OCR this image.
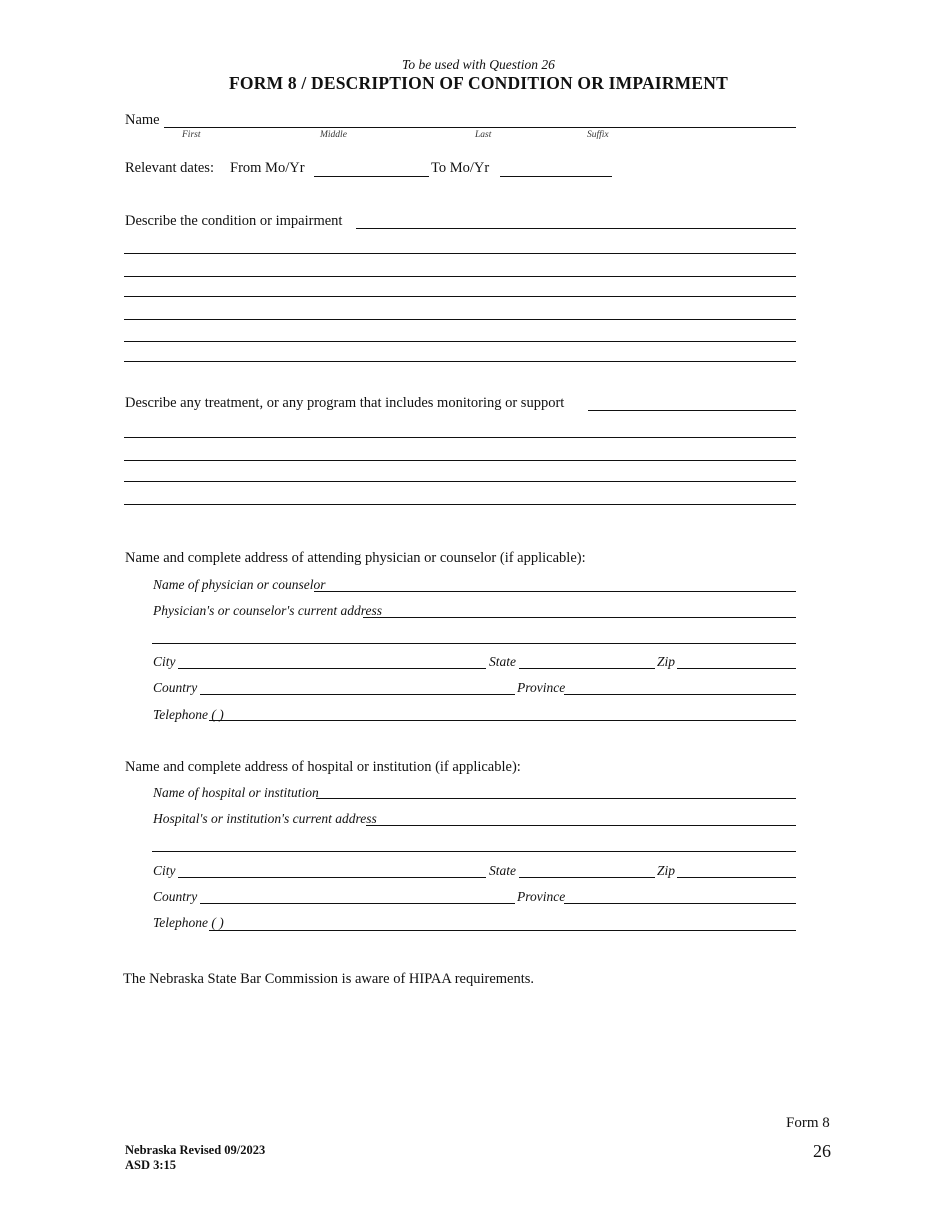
To be used with Question 26
FORM 8 / DESCRIPTION OF CONDITION OR IMPAIRMENT
Name
First	Middle	Last	Suffix
Relevant dates: From Mo/Yr	To Mo/Yr
Describe the condition or impairment
Describe any treatment, or any program that includes monitoring or support
Name and complete address of attending physician or counselor (if applicable):
Name of physician or counselor
Physician's or counselor's current address
City	State	Zip
Country	Province
Telephone ( )
Name and complete address of hospital or institution (if applicable):
Name of hospital or institution
Hospital's or institution's current address
City	State	Zip
Country	Province
Telephone ( )
The Nebraska State Bar Commission is aware of HIPAA requirements.
Form 8
26
Nebraska Revised 09/2023
ASD 3:15
